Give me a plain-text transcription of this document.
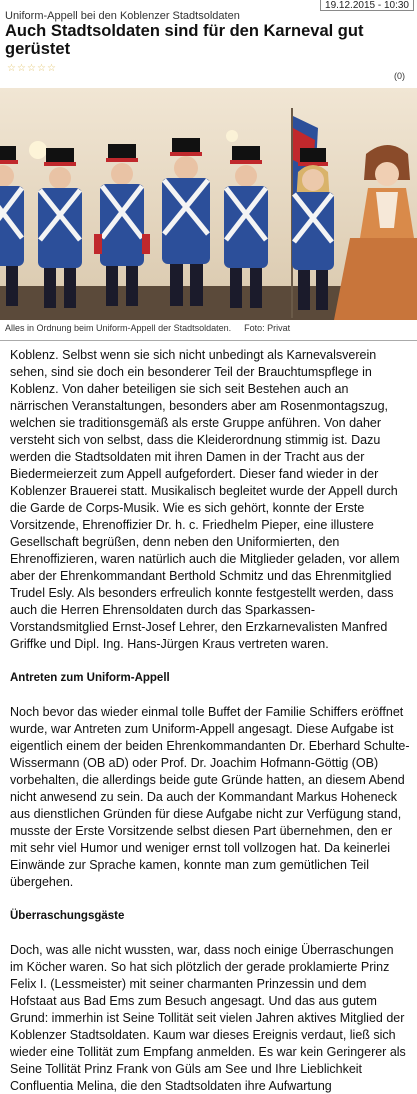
19.12.2015 - 10:30
Uniform-Appell bei den Koblenzer Stadtsoldaten
Auch Stadtsoldaten sind für den Karneval gut gerüstet
☆ ☆ ☆ ☆ ☆
(0)
Alles in Ordnung beim Uniform-Appell der Stadtsoldaten. Foto: Privat

Koblenz. Selbst wenn sie sich nicht unbedingt als Karnevalsverein sehen, sind sie doch ein besonderer Teil der Brauchtumspflege in Koblenz. Von daher beteiligen sie sich seit Bestehen auch an närrischen Veranstaltungen, besonders aber am Rosenmontagszug, welchen sie traditionsgemäß als erste Gruppe anführen. Von daher versteht sich von selbst, dass die Kleiderordnung stimmig ist. Dazu werden die Stadtsoldaten mit ihren Damen in der Tracht aus der Biedermeierzeit zum Appell aufgefordert. Dieser fand wieder in der Koblenzer Brauerei statt. Musikalisch begleitet wurde der Appell durch die Garde de Corps-Musik. Wie es sich gehört, konnte der Erste Vorsitzende, Ehrenoffizier Dr. h. c. Friedhelm Pieper, eine illustere Gesellschaft begrüßen, denn neben den Uniformierten, den Ehrenoffizieren, waren natürlich auch die Mitglieder geladen, vor allem aber der Ehrenkommandant Berthold Schmitz und das Ehrenmitglied Trudel Esly. Als besonders erfreulich konnte festgestellt werden, dass auch die Herren Ehrensoldaten durch das Sparkassen-Vorstandsmitglied Ernst-Josef Lehrer, den Erzkarnevalisten Manfred Griffke und Dipl. Ing. Hans-Jürgen Kraus vertreten waren.

Antreten zum Uniform-Appell

Noch bevor das wieder einmal tolle Buffet der Familie Schiffers eröffnet wurde, war Antreten zum Uniform-Appell angesagt. Diese Aufgabe ist eigentlich einem der beiden Ehrenkommandanten Dr. Eberhard Schulte-Wissermann (OB aD) oder Prof. Dr. Joachim Hofmann-Göttig (OB) vorbehalten, die allerdings beide gute Gründe hatten, an diesem Abend nicht anwesend zu sein. Da auch der Kommandant Markus Hoheneck aus dienstlichen Gründen für diese Aufgabe nicht zur Verfügung stand, musste der Erste Vorsitzende selbst diesen Part übernehmen, den er mit sehr viel Humor und weniger ernst toll vollzogen hat. Da keinerlei Einwände zur Sprache kamen, konnte man zum gemütlichen Teil übergehen.

Überraschungsgäste

Doch, was alle nicht wussten, war, dass noch einige Überraschungen im Köcher waren. So hat sich plötzlich der gerade proklamierte Prinz Felix I. (Lessmeister) mit seiner charmanten Prinzessin und dem Hofstaat aus Bad Ems zum Besuch angesagt. Und das aus gutem Grund: immerhin ist Seine Tollität seit vielen Jahren aktives Mitglied der Koblenzer Stadtsoldaten. Kaum war dieses Ereignis verdaut, ließ sich wieder eine Tollität zum Empfang anmelden. Es war kein Geringerer als Seine Tollität Prinz Frank von Güls am See und Ihre Lieblichkeit Confluentia Melina, die den Stadtsoldaten ihre Aufwartung
